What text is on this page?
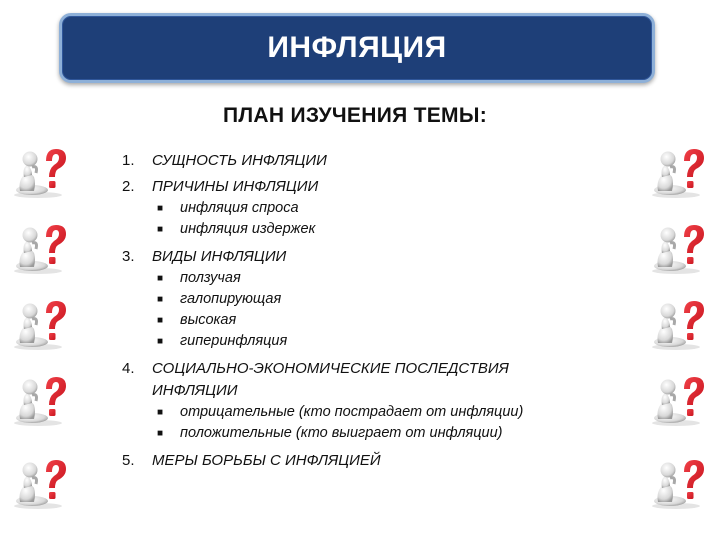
ИНФЛЯЦИЯ
ПЛАН ИЗУЧЕНИЯ ТЕМЫ:
1. СУЩНОСТЬ ИНФЛЯЦИИ
2. ПРИЧИНЫ ИНФЛЯЦИИ
■ инфляция спроса
■ инфляция издержек
3. ВИДЫ ИНФЛЯЦИИ
■ ползучая
■ галопирующая
■ высокая
■ гиперинфляция
4. СОЦИАЛЬНО-ЭКОНОМИЧЕСКИЕ ПОСЛЕДСТВИЯ ИНФЛЯЦИИ
■ отрицательные (кто пострадает от инфляции)
■ положительные (кто выиграет от инфляции)
5. МЕРЫ БОРЬБЫ С ИНФЛЯЦИЕЙ
